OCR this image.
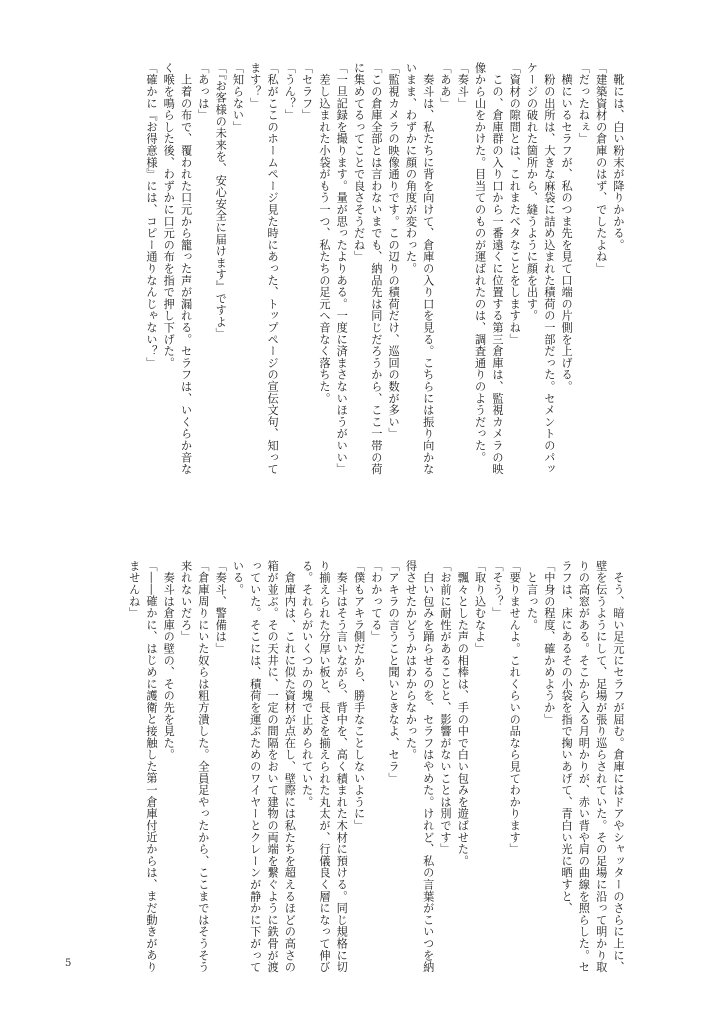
　靴には、白い粉末が降りかかる。
「建築資材の倉庫のはず、でしたよね」
「だったねぇ」
　横にいるセラフが、私のつま先を見て口端の片側を上げる。
　粉の出所は、大きな麻袋に詰め込まれた積荷の一部だった。セメントのパッ
ケージの破れた箇所から、縫うように顔を出す。
「資材の隙間とは、これまたベタなことをしますね」
　この、倉庫群の入り口から一番遠くに位置する第三倉庫は、監視カメラの映
像から山をかけた。目当てのものが運ばれたのは、調査通りのようだった。
「奏斗」
「ああ」
　奏斗は、私たちに背を向けて、倉庫の入り口を見る。こちらには振り向かな
いまま、わずかに顔の角度が変わった。
「監視カメラの映像通りです。この辺りの積荷だけ、巡回の数が多い」
「この倉庫全部とは言わないまでも、納品先は同じだろうから、ここ一帯の荷
に集めてるってことで良さそうだね」
「一旦記録を撮ります。量が思ったよりある。一度に済まさないほうがいい」
　差し込まれた小袋がもう一つ、私たちの足元へ音なく落ちた。
「セラフ」
「うん？」
「私がここのホームページ見た時にあった、トップページの宣伝文句、知って
ます？」
「知らない」
「『お客様の未来を、安心安全に届けます』ですよ」
「あっは」
　上着の布で、覆われた口元から籠った声が漏れる。セラフは、いくらか音な
く喉を鳴らした後、わずかに口元の布を指で押し下げた。
「確かに『お得意様』には、コピー通りなんじゃない？」
　そう、暗い足元にセラフが屈む。倉庫にはドアやシャッターのさらに上に、
壁を伝うようにして、足場が張り巡らされていた。その足場に沿って明かり取
りの高窓がある。そこから入る月明かりが、赤い背や肩の曲線を照らした。セ
ラフは、床にあるその小袋を指で掬いあげて、青白い光に晒すと、
「中身の程度、確かめようか」
　と言った。
「要りませんよ。これくらいの品なら見てわかります」
「そう？」
「取り込むなよ」
　飄々とした声の相棒は、手の中で白い包みを遊ばせた。
「お前に耐性があることと、影響がないことは別です」
　白い包みを踊らせるのを、セラフはやめた。けれど、私の言葉がこいつを納
得させたかどうかはわからなかった。
「アキラの言うこと聞いときなよ、セラ」
「わかってる」
「僕もアキラ側だから、勝手なことしないように」
　奏斗はそう言いながら、背中を、高く積まれた木材に預ける。同じ規格に切
り揃えられた分厚い板と、長さを揃えられた丸太が、行儀良く層になって伸び
る。それらがいくつかの塊で止められていた。
　倉庫内は、これに似た資材が点在し、壁際には私たちを超えるほどの高さの
箱が並ぶ。その天井に、一定の間隔をおいて建物の両端を繋ぐように鉄骨が渡
っていた。そこには、積荷を運ぶためのワイヤーとクレーンが静かに下がって
いる。
「奏斗、警備は」
「倉庫周りにいた奴らは粗方潰した。全員足やったから、ここまではそうそう
来れないだろ」
　奏斗は倉庫の壁の、その先を見た。
「――確かに、はじめに護衛と接触した第一倉庫付近からは、まだ動きがあり
ませんね」
5
